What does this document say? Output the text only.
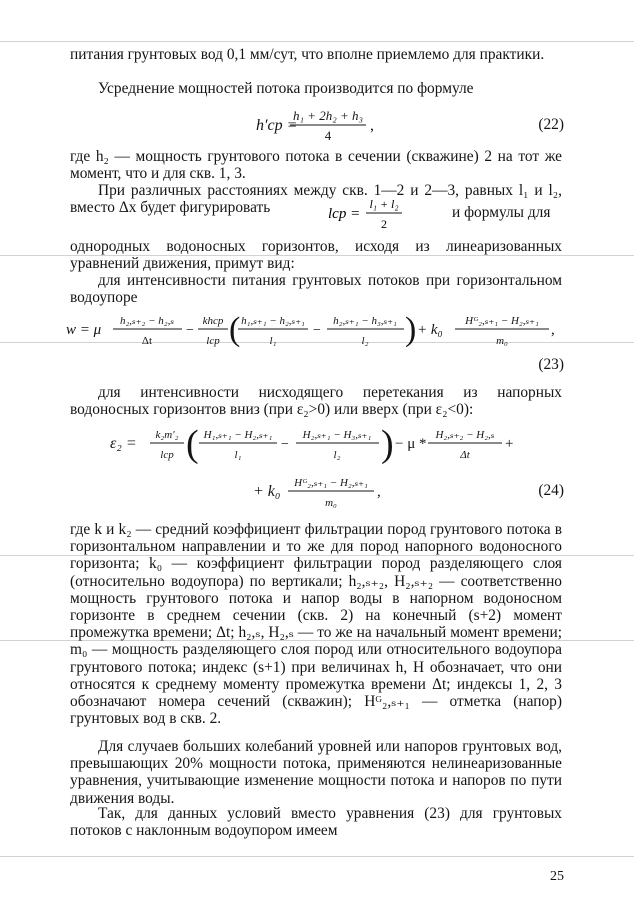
питания грунтовых вод 0,1 мм/сут, что вполне приемлемо для практики.

Усреднение мощностей потока производится по формуле

h′ср =
h₁ + 2h₂ + h₃
4
,	(22)

где h₂ — мощность грунтового потока в сечении (скважине) 2 на тот же момент, что и для скв. 1, 3.

При различных расстояниях между скв. 1—2 и 2—3, равных l₁ и l₂, вместо Δx будет фигурировать	lср =
l₁ + l₂
2
и формулы для

однородных водоносных горизонтов, исходя из линеаризованных уравнений движения, примут вид:

для интенсивности питания грунтовых потоков при горизонтальном водоупоре

w = μ
h₂,ₛ₊₂ − h₂,ₛ
Δt
−
khср
lср ( h₁,ₛ₊₁ − h₂,ₛ₊₁
l₁
−
h₂,ₛ₊₁ − h₃,ₛ₊₁
l₂ ) + k₀
Hᴳ₂,ₛ₊₁ − H₂,ₛ₊₁
m₀
,
(23)

для интенсивности нисходящего перетекания из напорных водоносных горизонтов вниз (при ε₂>0) или вверх (при ε₂<0):

ε₂ = k₂m′₂
lср ( H₁,ₛ₊₁ − H₂,ₛ₊₁
l₁
−
H₂,ₛ₊₁ − H₃,ₛ₊₁
l₂ ) − μ *
H₂,ₛ₊₂ − H₂,ₛ
Δt
+
+ k₀ Hᴳ₂,ₛ₊₁ − H₂,ₛ₊₁
m₀
,	(24)

где k и k₂ — средний коэффициент фильтрации пород грунтового потока в горизонтальном направлении и то же для пород напорного водоносного горизонта; k₀ — коэффициент фильтрации пород разделяющего слоя (относительно водоупора) по вертикали; h₂,ₛ₊₂, H₂,ₛ₊₂ — соответственно мощность грунтового потока и напор воды в напорном водоносном горизонте в среднем сечении (скв. 2) на конечный (s+2) момент промежутка времени; Δt; h₂,ₛ, H₂,ₛ — то же на начальный момент времени; m₀ — мощность разделяющего слоя пород или относительного водоупора грунтового потока; индекс (s+1) при величинах h, H обозначает, что они относятся к среднему моменту промежутка времени Δt; индексы 1, 2, 3 обозначают номера сечений (скважин); Hᴳ₂,ₛ₊₁ — отметка (напор) грунтовых вод в скв. 2.

Для случаев больших колебаний уровней или напоров грунтовых вод, превышающих 20% мощности потока, применяются нелинеаризованные уравнения, учитывающие изменение мощности потока и напоров по пути движения воды.

Так, для данных условий вместо уравнения (23) для грунтовых потоков с наклонным водоупором имеем

25
